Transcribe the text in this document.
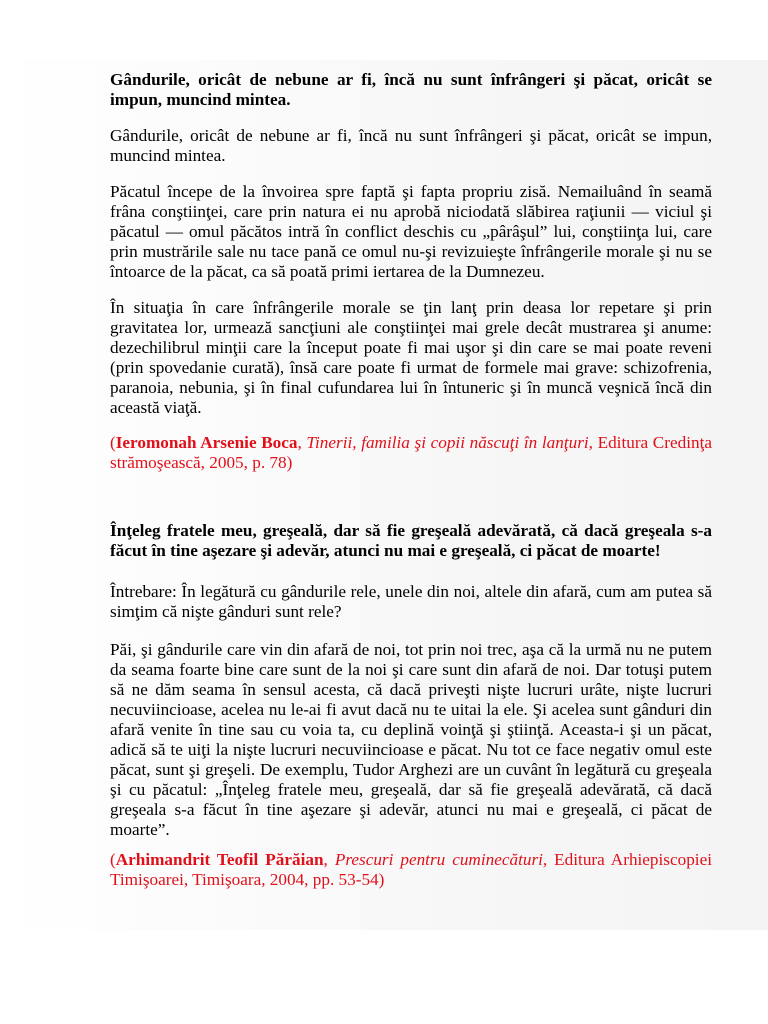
Gândurile, oricât de nebune ar fi, încă nu sunt înfrângeri şi păcat, oricât se impun, muncind mintea.

Gândurile, oricât de nebune ar fi, încă nu sunt înfrângeri şi păcat, oricât se impun, muncind mintea.

Păcatul începe de la învoirea spre faptă şi fapta propriu zisă. Nemailuând în seamă frâna conştiinţei, care prin natura ei nu aprobă niciodată slăbirea raţiunii — viciul şi păcatul — omul păcătos intră în conflict deschis cu „pârâşul” lui, conştiinţa lui, care prin mustrările sale nu tace pană ce omul nu-şi revizuieşte înfrângerile morale şi nu se întoarce de la păcat, ca să poată primi iertarea de la Dumnezeu.

În situaţia în care înfrângerile morale se ţin lanţ prin deasa lor repetare şi prin gravitatea lor, urmează sancţiuni ale conştiinţei mai grele decât mustrarea şi anume: dezechilibrul minţii care la început poate fi mai uşor şi din care se mai poate reveni (prin spovedanie curată), însă care poate fi urmat de formele mai grave: schizofrenia, paranoia, nebunia, şi în final cufundarea lui în întuneric şi în muncă veşnică încă din această viaţă.

(Ieromonah Arsenie Boca, Tinerii, familia şi copii născuţi în lanţuri, Editura Credinţa strămoşească, 2005, p. 78)

Înţeleg fratele meu, greşeală, dar să fie greşeală adevărată, că dacă greşeala s-a făcut în tine aşezare şi adevăr, atunci nu mai e greşeală, ci păcat de moarte!

Întrebare: În legătură cu gândurile rele, unele din noi, altele din afară, cum am putea să simţim că nişte gânduri sunt rele?

Păi, şi gândurile care vin din afară de noi, tot prin noi trec, aşa că la urmă nu ne putem da seama foarte bine care sunt de la noi şi care sunt din afară de noi. Dar totuşi putem să ne dăm seama în sensul acesta, că dacă priveşti nişte lucruri urâte, nişte lucruri necuviincioase, acelea nu le-ai fi avut dacă nu te uitai la ele. Şi acelea sunt gânduri din afară venite în tine sau cu voia ta, cu deplină voinţă şi ştiinţă. Aceasta-i şi un păcat, adică să te uiţi la nişte lucruri necuviincioase e păcat. Nu tot ce face negativ omul este păcat, sunt şi greşeli. De exemplu, Tudor Arghezi are un cuvânt în legătură cu greşeala şi cu păcatul: „Înţeleg fratele meu, greşeală, dar să fie greşeală adevărată, că dacă greşeala s-a făcut în tine aşezare şi adevăr, atunci nu mai e greşeală, ci păcat de moarte”.

(Arhimandrit Teofil Părăian, Prescuri pentru cuminecături, Editura Arhiepiscopiei Timişoarei, Timişoara, 2004, pp. 53-54)
